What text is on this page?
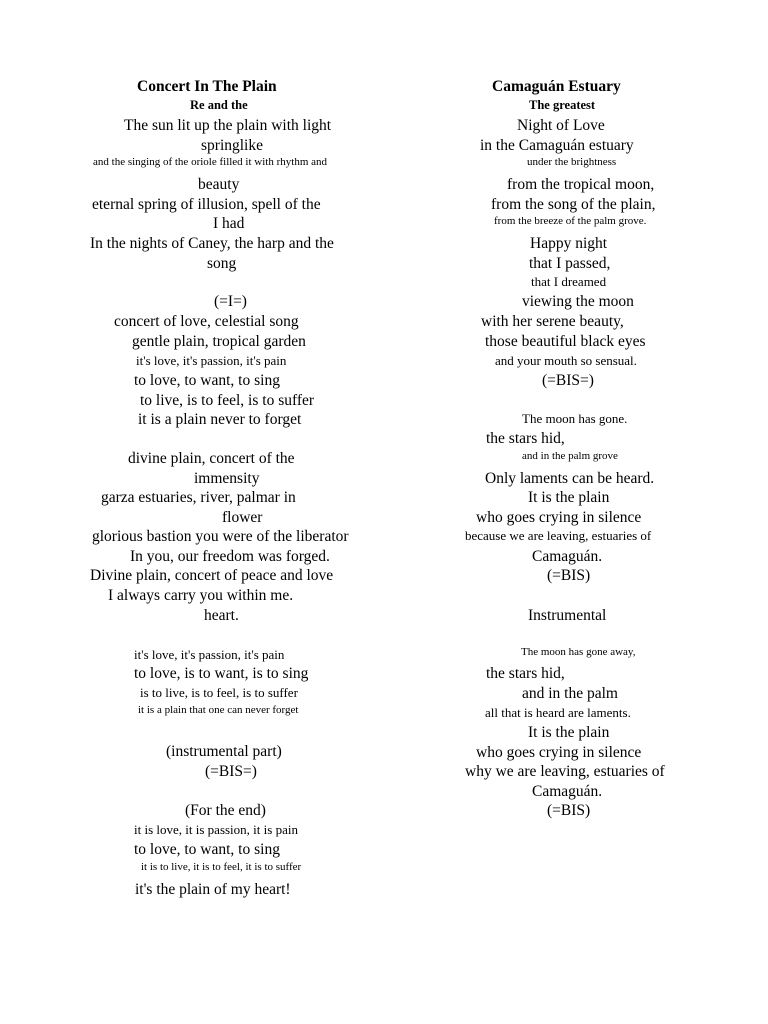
Concert In The Plain
Re and the
The sun lit up the plain with light
springlike
and the singing of the oriole filled it with rhythm and
beauty
eternal spring of illusion, spell of the
I had
In the nights of Caney, the harp and the
song
(=I=)
concert of love, celestial song
gentle plain, tropical garden
it's love, it's passion, it's pain
to love, to want, to sing
to live, is to feel, is to suffer
it is a plain never to forget
divine plain, concert of the
immensity
garza estuaries, river, palmar in
flower
glorious bastion you were of the liberator
In you, our freedom was forged.
Divine plain, concert of peace and love
I always carry you within me.
heart.
it's love, it's passion, it's pain
to love, is to want, is to sing
is to live, is to feel, is to suffer
it is a plain that one can never forget
(instrumental part)
(=BIS=)
(For the end)
it is love, it is passion, it is pain
to love, to want, to sing
it is to live, it is to feel, it is to suffer
it's the plain of my heart!
Camaguán Estuary
The greatest
Night of Love
in the Camaguán estuary
under the brightness
from the tropical moon,
from the song of the plain,
from the breeze of the palm grove.
Happy night
that I passed,
that I dreamed
viewing the moon
with her serene beauty,
those beautiful black eyes
and your mouth so sensual.
(=BIS=)
The moon has gone.
the stars hid,
and in the palm grove
Only laments can be heard.
It is the plain
who goes crying in silence
because we are leaving, estuaries of
Camaguán.
(=BIS)
Instrumental
The moon has gone away,
the stars hid,
and in the palm
all that is heard are laments.
It is the plain
who goes crying in silence
why we are leaving, estuaries of
Camaguán.
(=BIS)
